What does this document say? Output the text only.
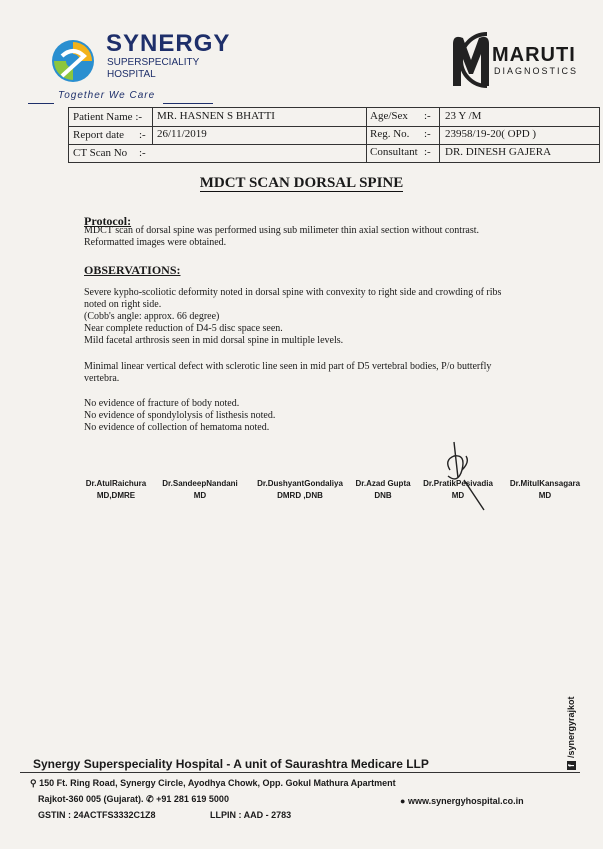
SYNERGY
SUPERSPECIALITY
HOSPITAL
Together We Care
MARUTI
DIAGNOSTICS
Patient Name :- MR. HASNEN S BHATTI
Report date :- 26/11/2019
CT Scan No :-
Age/Sex :- 23 Y /M
Reg. No. :- 23958/19-20( OPD )
Consultant :- DR. DINESH GAJERA
MDCT SCAN DORSAL SPINE
Protocol:
MDCT scan of dorsal spine was performed using sub milimeter thin axial section without contrast.
Reformatted images were obtained.
OBSERVATIONS:
Severe kypho-scoliotic deformity noted in dorsal spine with convexity to right side and crowding of ribs
noted on right side.
(Cobb's angle: approx. 66 degree)
Near complete reduction of D4-5 disc space seen.
Mild facetal arthrosis seen in mid dorsal spine in multiple levels.
Minimal linear vertical defect with sclerotic line seen in mid part of D5 vertebral bodies, P/o butterfly
vertebra.
No evidence of fracture of body noted.
No evidence of spondylolysis of listhesis noted.
No evidence of collection of hematoma noted.
Dr.AtulRaichura
MD,DMRE
Dr.SandeepNandani
MD
Dr.DushyantGondaliya
DMRD ,DNB
Dr.Azad Gupta
DNB
Dr.PratikPesivadia
MD
Dr.MitulKansagara
MD
f/synergyrajkot
Synergy Superspeciality Hospital - A unit of Saurashtra Medicare LLP
⚲ 150 Ft. Ring Road, Synergy Circle, Ayodhya Chowk, Opp. Gokul Mathura Apartment
Rajkot-360 005 (Gujarat). ✆ +91 281 619 5000	● www.synergyhospital.co.in
GSTIN : 24ACTFS3332C1Z8	LLPIN : AAD - 2783
